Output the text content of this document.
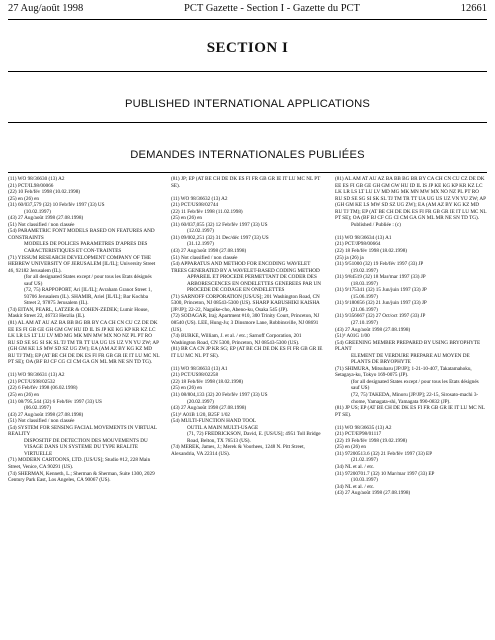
27 Aug/août 1998	PCT Gazette - Section I - Gazette du PCT	12661
SECTION I
PUBLISHED INTERNATIONAL APPLICATIONS
DEMANDES INTERNATIONALES PUBLIÉES
(11) WO 98/36630 (13) A2
(21) PCT/IL98/00066
(22) 10 Feb/fév 1998 (10.02.1998)
(25) en (26) en
(31) 60/037,579 (32) 10 Feb/fév 1997 (33) US
(10.02.1997)
(43) 27 Aug/août 1998 (27.08.1998)
(51) Not classified / non classée
(54) PARAMETRIC FONT MODELS BASED ON FEATURES AND CONSTRAINTS
MODELES DE POLICES PARAMETRES D'APRES DES CARACTERISTIQUES ET CON-TRAINTES
(71) YISSUM RESEARCH DEVELOPMENT COMPANY OF THE HEBREW UNIVERSITY OF JERUSALEM [IL/IL]; University Street 46, 92182 Jerusalem (IL).
(for all designated States except / pour tous les Etats désignés sauf US)
(72, 75) RAPPOPORT, Ari [IL/IL]; Avraham Granot Street 1, 93706 Jerusalem (IL). SHAMIR, Ariel [IL/IL]; Bar Kochba Street 2, 97875 Jerusalem (IL).
(74) EITAN, PEARL, LATZER & COHEN-ZEDEK; Lumir House, Maskit Street 22, 46733 Herzlia (IL).
(81) AL AM AT AU AZ BA BB BG BR BY CA CH CN CU CZ DE DK EE ES FI GB GE GH GM GW HU ID IL IS JP KE KG KP KR KZ LC LK LR LS LT LU LV MD MG MK MN MW MX NO NZ PL PT RO RU SD SE SG SI SK SL TJ TM TR TT UA UG US UZ VN YU ZW; AP (GH GM KE LS MW SD SZ UG ZW); EA (AM AZ BY KG KZ MD RU TJ TM); EP (AT BE CH DE DK ES FI FR GB GR IE IT LU MC NL PT SE); OA (BF BJ CF CG CI CM GA GN ML MR NE SN TD TG).
(11) WO 98/36631 (13) A2
(21) PCT/US98/02532
(22) 6 Feb/fév 1998 (06.02.1998)
(25) en (26) en
(31) 08/795,544 (32) 6 Feb/fév 1997 (33) US
(06.02.1997)
(43) 27 Aug/août 1998 (27.08.1998)
(51) Not classified / non classée
(54) SYSTEM FOR SENSING FACIAL MOVEMENTS IN VIRTUAL REALITY
DISPOSITIF DE DETECTION DES MOUVEMENTS DU VISAGE DANS UN SYSTEME DU TYPE REALITE VIRTUELLE
(71) MODERN CARTOONS, LTD. [US/US]; Studio #12, 228 Main Street, Venice, CA 90291 (US).
(74) SHERMAN, Kenneth, L.; Sherman & Sherman, Suite 1300, 2029 Century Park East, Los Angeles, CA 90067 (US).
(81) JP; EP (AT BE CH DE DK ES FI FR GB GR IE IT LU MC NL PT SE).
(11) WO 98/36632 (13) A2
(21) PCT/US98/02744
(22) 11 Feb/fév 1998 (11.02.1998)
(25) en (26) en
(31) 60/037,055 (32) 12 Feb/fév 1997 (33) US
(12.02.1997)
(31) 09/002,251 (32) 31 Dec/déc 1997 (33) US
(31.12.1997)
(43) 27 Aug/août 1998 (27.08.1998)
(51) Not classified / non classée
(54) APPARATUS AND METHOD FOR ENCODING WAVELET TREES GENERATED BY A WAVELET-BASED CODING METHOD
APPAREIL ET PROCEDE PERMETTANT DE CODER DES ARBORESCENCES EN ONDELETTES GENEREES PAR UN PROCEDE DE CODAGE EN ONDELETTES
(71) SARNOFF CORPORATION [US/US]; 201 Washington Road, CN 5300, Princeton, NJ 08543-5300 (US). SHARP KABUSHIKI KAISHA [JP/JP]; 22-22, Nagaike-cho, Abeno-ku, Osaka 545 (JP).
(72) SODAGAR, Iraj; Apartment #10, 300 Trinity Court, Princeton, NJ 08540 (US). LEE, Hung-Ju; 3 Dinsmore Lane, Robbinsville, NJ 08691 (US).
(74) BURKE, William, J. et al. / etc.; Sarnoff Corporation, 201 Washington Road, CN 5300, Princeton, NJ 08543-5300 (US).
(81) BR CA CN JP KR SG; EP (AT BE CH DE DK ES FI FR GB GR IE IT LU MC NL PT SE).
(11) WO 98/36633 (13) A1
(21) PCT/US98/02258
(22) 18 Feb/fév 1998 (18.02.1998)
(25) en (26) en
(31) 08/804,133 (32) 20 Feb/fév 1997 (33) US
(20.02.1997)
(43) 27 Aug/août 1998 (27.08.1998)
(51)⁶ A01B 1/20, B25F 1/02
(54) MULTI-FUNCTION HAND TOOL
OUTIL A MAIN MULTI-USAGE
(71, 72) FREDRICKSON, David, E. [US/US]; 4951 Toll Bridge Road, Belton, TX 76513 (US).
(74) MEREK, James, J.; Merek & Voorhees, 1248 N. Pitt Street, Alexandria, VA 22314 (US).
(81) AL AM AT AU AZ BA BB BG BR BY CA CH CN CU CZ DE DK EE ES FI GB GE GH GM GW HU ID IL IS JP KE KG KP KR KZ LC LK LR LS LT LU LV MD MG MK MN MW MX NO NZ PL PT RO RU SD SE SG SI SK SL TJ TM TR TT UA UG US UZ VN YU ZW; AP (GH GM KE LS MW SD SZ UG ZW); EA (AM AZ BY KG KZ MD RU TJ TM); EP (AT BE CH DE DK ES FI FR GB GR IE IT LU MC NL PT SE); OA (BF BJ CF CG CI CM GA GN ML MR NE SN TD TG).
Published / Publiée : (c)
(11) WO 98/36634 (13) A1
(21) PCT/JP98/00664
(22) 18 Feb/fév 1998 (18.02.1998)
(25) ja (26) ja
(31) 9/51000 (32) 19 Feb/fév 1997 (33) JP
(19.02.1997)
(31) 9/84519 (32) 18 Mar/mar 1997 (33) JP
(18.03.1997)
(31) 9/175341 (32) 15 Jun/juin 1997 (33) JP
(15.06.1997)
(31) 9/180656 (32) 21 Jun/juin 1997 (33) JP
(21.06.1997)
(31) 9/356667 (32) 27 Oct/oct 1997 (33) JP
(27.10.1997)
(43) 27 Aug/août 1998 (27.08.1998)
(51)⁶ A01G 1/00
(54) GREENING MEMBER PREPARED BY USING BRYOPHYTE PLANT
ELEMENT DE VERDURE PREPARE AU MOYEN DE PLANTS DE BRYOPHYTE
(71) SHIMURA, Mitsuharu [JP/JP]; 1-21-10-407, Takatamahoku, Setagaya-ku, Tokyo 169-0075 (JP).
(for all designated States except / pour tous les Etats désignés sauf US)
(72, 75) TAKEDA, Minoru [JP/JP]; 22-15, Sirosato-machi 3-chome, Yamagata-shi, Yamagata 990-0832 (JP).
(81) JP US; EP (AT BE CH DE DK ES FI FR GB GR IE IT LU MC NL PT SE).
(11) WO 98/36635 (13) A2
(21) PCT/EP98/01117
(22) 19 Feb/fév 1998 (19.02.1998)
(25) en (26) en
(31) 97200513.6 (32) 21 Feb/fév 1997 (33) EP
(21.02.1997)
(34) NL et al. / etc.
(31) 97200701.7 (32) 10 Mar/mar 1997 (33) EP
(10.03.1997)
(34) NL et al. / etc.
(43) 27 Aug/août 1998 (27.08.1998)
